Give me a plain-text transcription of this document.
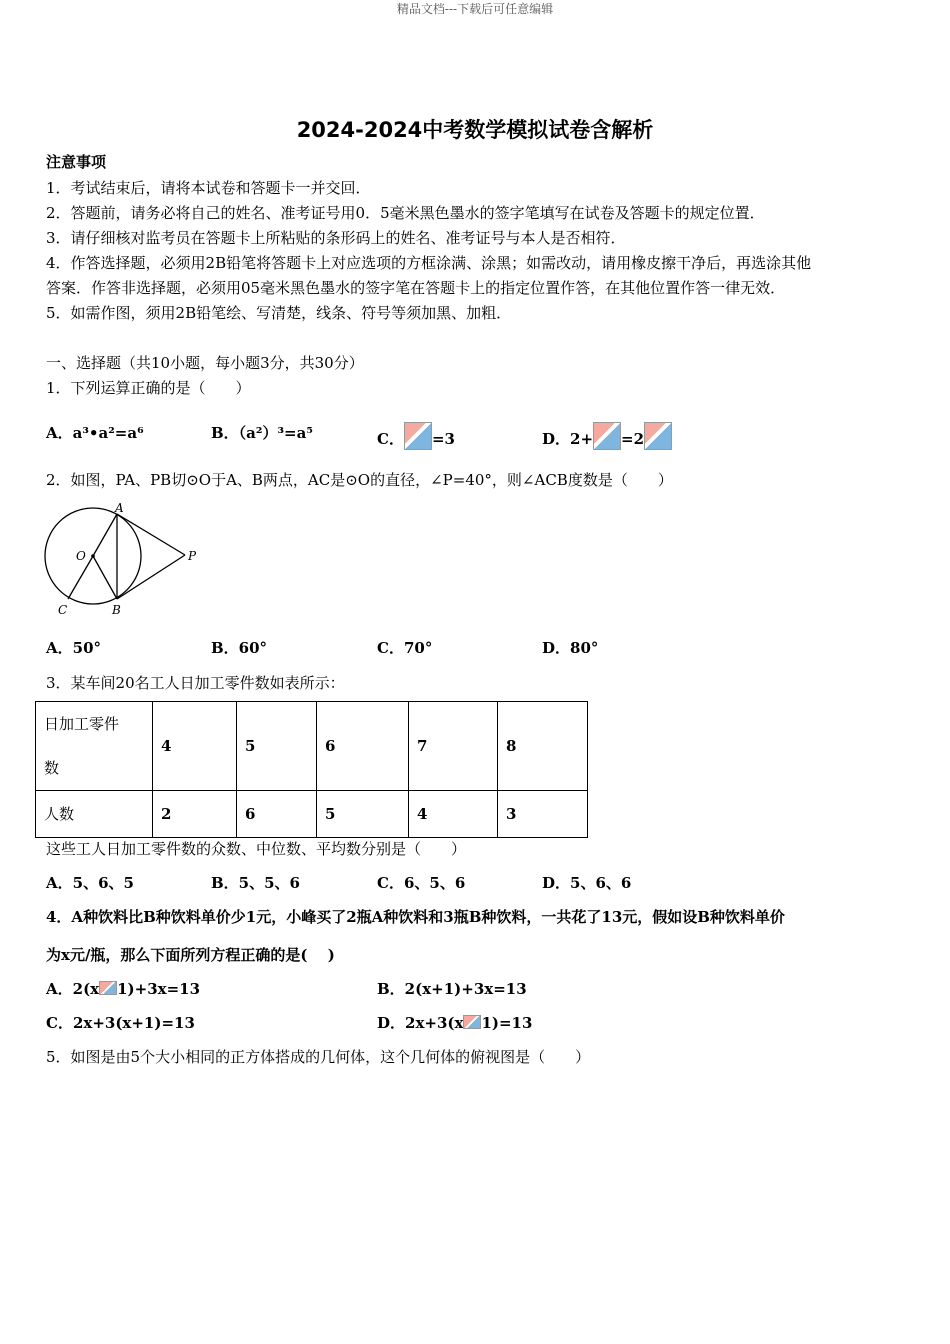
精品文档---下载后可任意编辑
2024-2024中考数学模拟试卷含解析
注意事项
1．考试结束后，请将本试卷和答题卡一并交回．
2．答题前，请务必将自己的姓名、准考证号用0．5毫米黑色墨水的签字笔填写在试卷及答题卡的规定位置．
3．请仔细核对监考员在答题卡上所粘贴的条形码上的姓名、准考证号与本人是否相符．
4．作答选择题，必须用2B铅笔将答题卡上对应选项的方框涂满、涂黑；如需改动，请用橡皮擦干净后，再选涂其他
答案．作答非选择题，必须用05毫米黑色墨水的签字笔在答题卡上的指定位置作答，在其他位置作答一律无效．
5．如需作图，须用2B铅笔绘、写清楚，线条、符号等须加黑、加粗．
一、选择题（共10小题，每小题3分，共30分）
1．下列运算正确的是（　　）
A．a³•a²=a⁶	B．（a²）³=a⁵	C． =3	D．2+ =2
2．如图，PA、PB切⊙O于A、B两点，AC是⊙O的直径，∠P=40°，则∠ACB度数是（　　）
A
O	P
C	B
A．50°	B．60°	C．70°	D．80°
3．某车间20名工人日加工零件数如表所示：
日加工零件
数	4	5	6	7	8
人数	2	6	5	4	3
这些工人日加工零件数的众数、中位数、平均数分别是（　　）
A．5、6、5	B．5、5、6	C．6、5、6	D．5、6、6
4．A种饮料比B种饮料单价少1元，小峰买了2瓶A种饮料和3瓶B种饮料，一共花了13元，假如设B种饮料单价
为x元/瓶，那么下面所列方程正确的是(　 )
A．2(x 1)+3x=13	B．2(x+1)+3x=13
C．2x+3(x+1)=13	D．2x+3(x 1)=13
5．如图是由5个大小相同的正方体搭成的几何体，这个几何体的俯视图是（　　）
